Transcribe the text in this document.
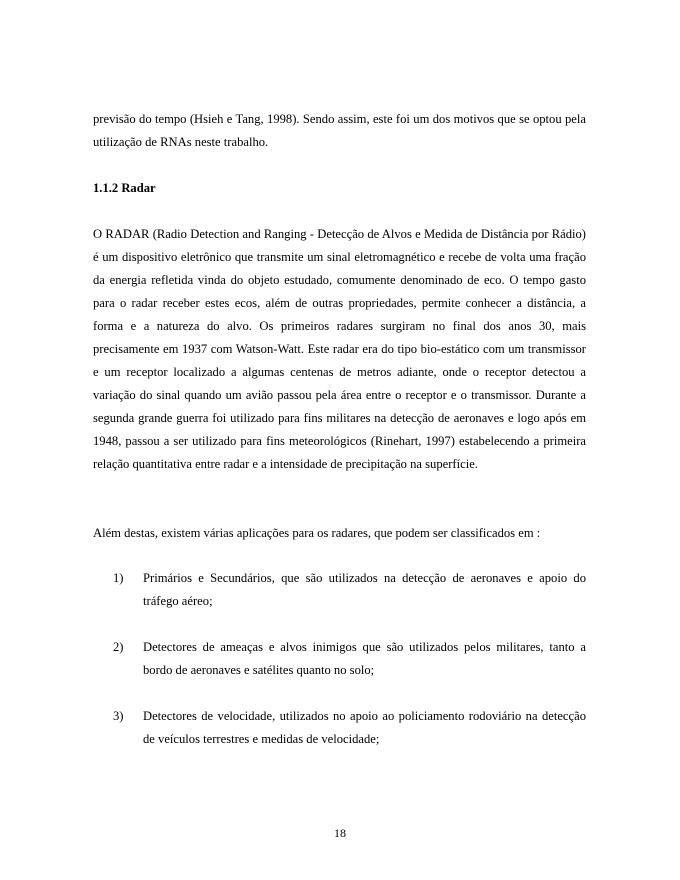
previsão do tempo (Hsieh e Tang, 1998). Sendo assim, este foi um dos motivos que se optou pela utilização de RNAs neste trabalho.

1.1.2 Radar

O RADAR (Radio Detection and Ranging - Detecção de Alvos e Medida de Distância por Rádio) é um dispositivo eletrônico que transmite um sinal eletromagnético e recebe de volta uma fração da energia refletida vinda do objeto estudado, comumente denominado de eco. O tempo gasto para o radar receber estes ecos, além de outras propriedades, permite conhecer a distância, a forma e a natureza do alvo. Os primeiros radares surgiram no final dos anos 30, mais precisamente em 1937 com Watson-Watt. Este radar era do tipo bio-estático com um transmissor e um receptor localizado a algumas centenas de metros adiante, onde o receptor detectou a variação do sinal quando um avião passou pela área entre o receptor e o transmissor. Durante a segunda grande guerra foi utilizado para fins militares na detecção de aeronaves e logo após em 1948, passou a ser utilizado para fins meteorológicos (Rinehart, 1997) estabelecendo a primeira relação quantitativa entre radar e a intensidade de precipitação na superfície.

Além destas, existem várias aplicações para os radares, que podem ser classificados em :

1) Primários e Secundários, que são utilizados na detecção de aeronaves e apoio do tráfego aéreo;
2) Detectores de ameaças e alvos inimigos que são utilizados pelos militares, tanto a bordo de aeronaves e satélites quanto no solo;
3) Detectores de velocidade, utilizados no apoio ao policiamento rodoviário na detecção de veículos terrestres e medidas de velocidade;
18
